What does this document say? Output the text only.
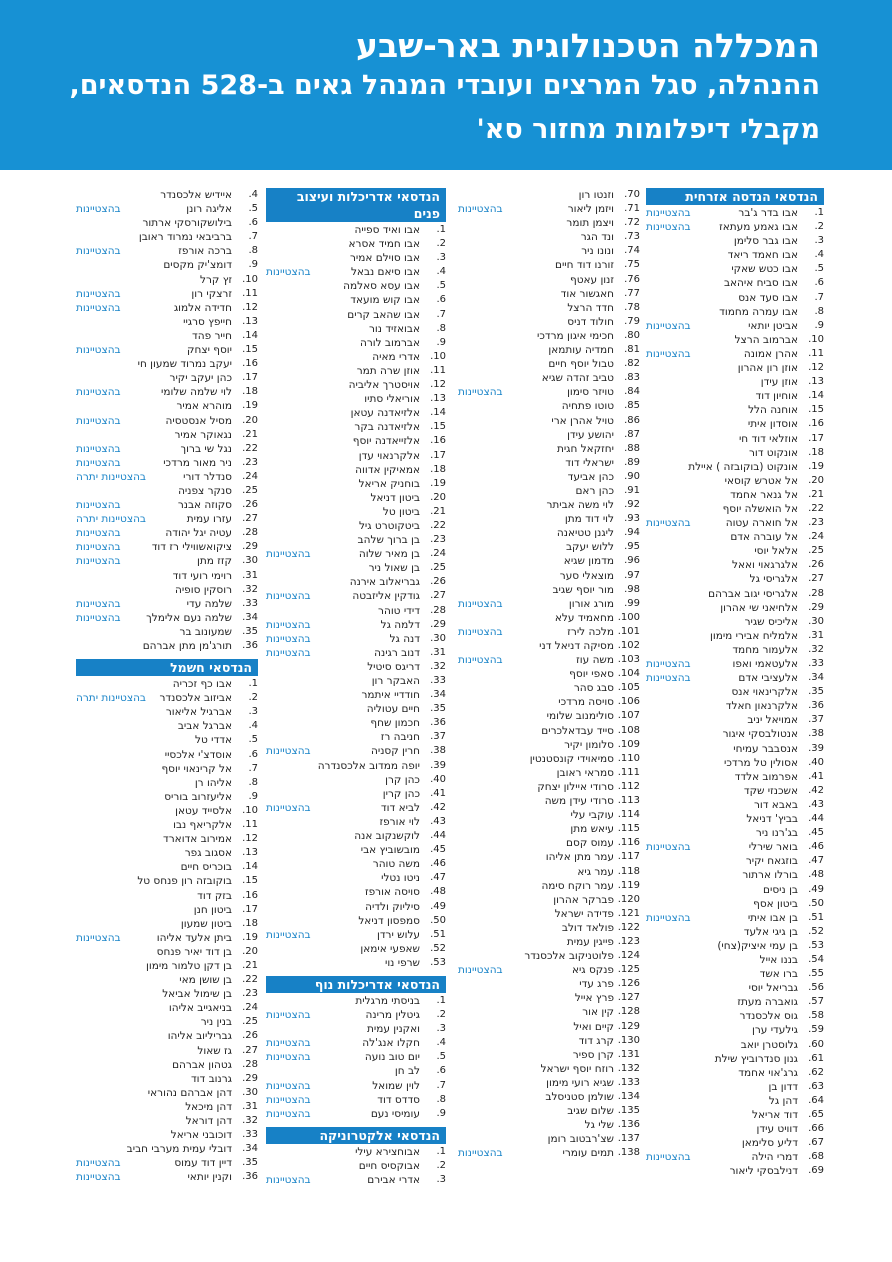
המכללה הטכנולוגית באר-שבע
ההנהלה, סגל המרצים ועובדי המנהל גאים ב-528 הנדסאים,
מקבלי דיפלומות מחזור סא'
הנדסאי הנדסה אזרחית
1 .
אבו בדר ג'בר
בהצטיינות
2 .
אבו גאמע מעתאז
בהצטיינות
3 .
אבו גבר סלימן
4 .
אבו חאמד ריאד
5 .
אבו כטש שאקי
6 .
אבו סביח איהאב
7 .
אבו סעד אנס
8 .
אבו עמרה מחמוד
9 .
אביטן יותאי
בהצטיינות
10 .
אברמוב הרצל
11 .
אהרן אמונה
בהצטיינות
12 .
אוזן רון אהרון
13 .
אוזן עידן
14 .
אוחיון דוד
15 .
אוחנה הלל
16 .
אוסדון איתי
17 .
אוזלאי דוד חי
18 .
אונקוט דור
19 .
אונקוט (בוקובזה ) איילת
20 .
אל אטרש קוסאי
21 .
אל גנאר אחמד
22 .
אל הואשלה יוסף
23 .
אל חוארה עטוה
בהצטיינות
24 .
אל עוברה אדם
25 .
אלאל יוסי
26 .
אלגרגאוי ואאל
27 .
אלגריסי גל
28 .
אלגריסי יגוב אברהם
29 .
אלחיאני שי אהרון
30 .
אליכיס שגיר
31 .
אלמליח אבירי מימון
32 .
אלעמור מחמד
33 .
אלעטאמי ואפו
בהצטיינות
34 .
אלעציבי אדם
בהצטיינות
35 .
אלקרינאוי אנס
36 .
אלקרנאון חאלד
37 .
אמויאל יניב
38 .
אנטולבסקי איגור
39 .
אנסבבר עמיחי
40 .
אסולין טל מרדכי
41 .
אפרמוב אלדד
42 .
אשכנזי שקד
43 .
באבא דור
44 .
בביץ' דניאל
45 .
בג'רנו ניר
46 .
בואר שירלי
בהצטיינות
47 .
בוזגאח יקיר
48 .
בורלו ארתור
49 .
בן ניסים
50 .
ביטון אסף
51 .
בן אבו איתי
בהצטיינות
52 .
בן גיגי אלעד
53 .
בן עמי איציק(צחי)
54 .
בננו אייל
55 .
ברו אשד
56 .
גבריאל יוסי
57 .
גואברה מעתז
58 .
גוס אלכסנדר
59 .
גילעדי ערן
60 .
גלוסטרן יואב
61 .
גנון סנדרוביץ שילת
62 .
גרג'אוי אחמד
63 .
דדון בן
64 .
דהן גל
65 .
דוד אריאל
66 .
דוויט עידן
67 .
דליע סלימאן
68 .
דמרי הילה
בהצטיינות
69 .
דנילבסקי ליאור
70 .
וזנטו רון
71 .
ויזמן ליאור
בהצטיינות
72 .
ויצמן תומר
73 .
ונד הגר
74 .
ונונו ניר
75 .
זורנו דוד חיים
76 .
זנון עאטף
77 .
חאגשור אוד
78 .
חדד הרצל
79 .
חולוד דניס
80 .
חכימי איגון מרדכי
81 .
חמדיה עותמאן
82 .
טבול יוסף חיים
83 .
טביב זהדה שגיא
84 .
טויזר סימון
בהצטיינות
85 .
טוטו פתחיה
86 .
טויל אהרן ארי
87 .
יהושע עידן
88 .
יחזקאל חגית
89 .
ישראלי דוד
90 .
כהן אביעד
91 .
כהן ראם
92 .
לוי משה אביתר
93 .
לוי דוד מתן
94 .
ליגנן טטיאנה
95 .
ללוש יעקב
96 .
מדמון שגיא
97 .
מוצאלי סער
98 .
מור יוסף שגיב
99 .
מורג אורון
בהצטיינות
100 .
מחאמיד עלא
101 .
מלכה לירז
בהצטיינות
102 .
מסיקה דניאל דני
103 .
משה עוז
בהצטיינות
104 .
סאפי יוסף
105 .
סבג סהר
106 .
סויסה מרדכי
107 .
סולימנוב שלומי
108 .
סייד עבדאלכרים
109 .
סלומון יקיר
110 .
סמיאוידי קונסטנטין
111 .
סמראי ראובן
112 .
סרודי איילון יצחק
113 .
סרודי עידן משה
114 .
עוקבי עלי
115 .
עיאש מתן
116 .
עמוס קסם
117 .
עמר מתן אליהו
118 .
עמר גיא
119 .
עמר רוקח סימה
120 .
פברקר אהרון
121 .
פדידה ישראל
122 .
פולאד דולב
123 .
פייגין עמית
124 .
פלוטניקוב אלכסנדר
125 .
פנקס גיא
בהצטיינות
126 .
פרג עדי
127 .
פרץ אייל
128 .
קין אור
129 .
קיים ואיל
130 .
קרג דוד
131 .
קרן ספיר
132 .
רוזח יוסף ישראל
133 .
שגיא רועי מימון
134 .
שולמן סטניסלב
135 .
שלום שגיב
136 .
שלי גל
137 .
שצ'רבטוב רומן
138 .
תמים עומרי
בהצטיינות
הנדסאי אדריכלות ועיצוב פנים
1 .
אבו ואיד ספייה
2 .
אבו חמיד אסרא
3 .
אבו סוילם אמיר
4 .
אבו סיאם נבאל
בהצטיינות
5 .
אבו עסא סאלמה
6 .
אבו קוש מועאד
7 .
אבו שהאב קרים
8 .
אבואזיד נור
9 .
אברמוב לורה
10 .
אדרי מאיה
11 .
אוזן שרה תמר
12 .
אויסטרך אליביה
13 .
אוריאלי סתיו
14 .
אלזיאדנה עטאן
15 .
אלזיאדנה בקר
16 .
אלזייאדנה יוסף
17 .
אלקרנאוי עדן
18 .
אמאיקין אדווה
19 .
בוחניק אריאל
20 .
ביטון דניאל
21 .
ביטון טל
22 .
ביטקוטרט גיל
23 .
בן ברוך שלהב
24 .
בן מאיר שלוה
בהצטיינות
25 .
בן שאול ניר
26 .
גבריאלוב אירנה
27 .
גודקין אליזבטה
בהצטיינות
28 .
דידי טוהר
29 .
דלמה גל
בהצטיינות
30 .
דנה גל
בהצטיינות
31 .
דנוב רגינה
בהצטיינות
32 .
דריגס סיטיל
33 .
האבקר רון
34 .
חודדיי איתמר
35 .
חיים עטוליה
36 .
חכמון שחף
37 .
חניבה רז
38 .
חרין קסניה
בהצטיינות
39 .
יופה ממדוב אלכסנדרה
40 .
כהן קרן
41 .
כהן קרין
42 .
לביא דוד
בהצטיינות
43 .
לוי אורפז
44 .
לוקשנקוב אנה
45 .
מובשוביץ אבי
46 .
משה טוהר
47 .
ניטו נטלי
48 .
סויסה אורפז
49 .
סיליוק ולדיה
50 .
סמפסון דניאל
51 .
עלוש ירדן
בהצטיינות
52 .
שאפעי אימאן
53 .
שרפי נוי
הנדסאי אדריכלות נוף
1 .
בניסתי מרגלית
2 .
גיטלין מרינה
בהצטיינות
3 .
ואקנין עמית
4 .
חקלו אנג'לה
בהצטיינות
5 .
יום טוב נועה
בהצטיינות
6 .
לב חן
7 .
לוין שמואל
בהצטיינות
8 .
סדדס דוד
בהצטיינות
9 .
עומיסי נעם
בהצטיינות
הנדסאי אלקטרוניקה
1 .
אבוחצירא עילי
2 .
אבוקסיס חיים
3 .
אדרי אבירם
בהצטיינות
4 .
איידיש אלכסנדר
5 .
אליגה רונן
בהצטיינות
6 .
בילושקורסקי ארתור
7 .
ברביבאי נמרוד ראובן
8 .
ברכה אורפז
בהצטיינות
9 .
דומצ'יק מקסים
10 .
זץ קרל
11 .
זרצקי רון
בהצטיינות
12 .
חדידה אלמוג
בהצטיינות
13 .
חייפץ סרגיי
14 .
חייר פהד
15 .
יוסף יצחק
בהצטיינות
16 .
יעקב נמרוד שמעון חי
17 .
כהן יעקב יקיר
18 .
לוי שלמה שלומי
בהצטיינות
19 .
מוהרא אמיר
20 .
מסיל אנסטסיה
בהצטיינות
21 .
נגאוקר אמיר
22 .
נגל שי ברוך
בהצטיינות
23 .
ניר מאור מרדכי
בהצטיינות
24 .
סנדלר דורי
בהצטיינות יתרה
25 .
סנקר צפניה
26 .
סקוזה אבנר
בהצטיינות
27 .
עזרו עמית
בהצטיינות יתרה
28 .
עטיה יגל יהודה
בהצטיינות
29 .
ציקואשווילי רז דוד
בהצטיינות
30 .
קזז מתן
בהצטיינות
31 .
רוימי רועי דוד
32 .
רוסקין סופיה
33 .
שלמה עדי
בהצטיינות
34 .
שלמה נעם אלימלך
בהצטיינות
35 .
שמעונוב בר
36 .
תורג'מן מתן אברהם
הנדסאי חשמל
1 .
אבו כף זכריה
2 .
אביזוב אלכסנדר
בהצטיינות יתרה
3 .
אברגיל אליאור
4 .
אברגל אביב
5 .
אדדי טל
6 .
אוסדצ'י אלכסיי
7 .
אל קרינאוי יוסף
8 .
אליהו רן
9 .
אליעזרוב בוריס
10 .
אלסייד עטאן
11 .
אלקריאף נבו
12 .
אמירוב אדוארד
13 .
אסגוב גפר
14 .
בוכריס חיים
15 .
בוקובזה רון פנחס טל
16 .
בזק דוד
17 .
ביטון חנן
18 .
ביטון שמעון
19 .
ביתן אלעד אליהו
בהצטיינות
20 .
בן דוד יאיר פנחס
21 .
בן דקן טלמור מימון
22 .
בן שושן מאי
23 .
בן שימול אביאל
24 .
בניאגייב אליהו
25 .
בנין ניר
26 .
גבריליוב אליהו
27 .
גז שאול
28 .
גטהון אברהם
29 .
גרנוב דוד
30 .
דהן אברהם נהוראי
31 .
דהן מיכאל
32 .
דהן דוראל
33 .
דוכובני אריאל
34 .
דובלי עמית מערבי חביב
35 .
דיין דוד עמוס
בהצטיינות
36 .
וקנין יותאי
בהצטיינות
